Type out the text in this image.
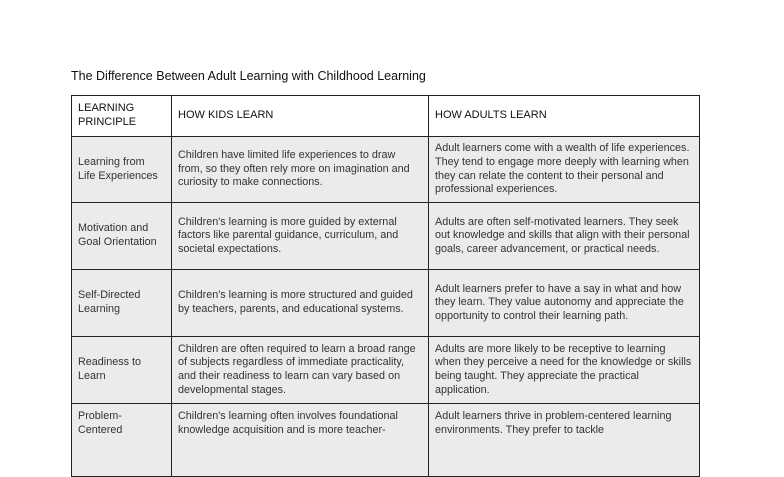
The Difference Between Adult Learning with Childhood Learning
LEARNING PRINCIPLE	HOW KIDS LEARN	HOW ADULTS LEARN
Learning from Life Experiences	Children have limited life experiences to draw from, so they often rely more on imagination and curiosity to make connections.	Adult learners come with a wealth of life experiences. They tend to engage more deeply with learning when they can relate the content to their personal and professional experiences.
Motivation and Goal Orientation	Children's learning is more guided by external factors like parental guidance, curriculum, and societal expectations.	Adults are often self-motivated learners. They seek out knowledge and skills that align with their personal goals, career advancement, or practical needs.
Self-Directed Learning	Children's learning is more structured and guided by teachers, parents, and educational systems.	Adult learners prefer to have a say in what and how they learn. They value autonomy and appreciate the opportunity to control their learning path.
Readiness to Learn	Children are often required to learn a broad range of subjects regardless of immediate practicality, and their readiness to learn can vary based on developmental stages.	Adults are more likely to be receptive to learning when they perceive a need for the knowledge or skills being taught. They appreciate the practical application.
Problem-Centered	Children's learning often involves foundational knowledge acquisition and is more teacher-	Adult learners thrive in problem-centered learning environments. They prefer to tackle
